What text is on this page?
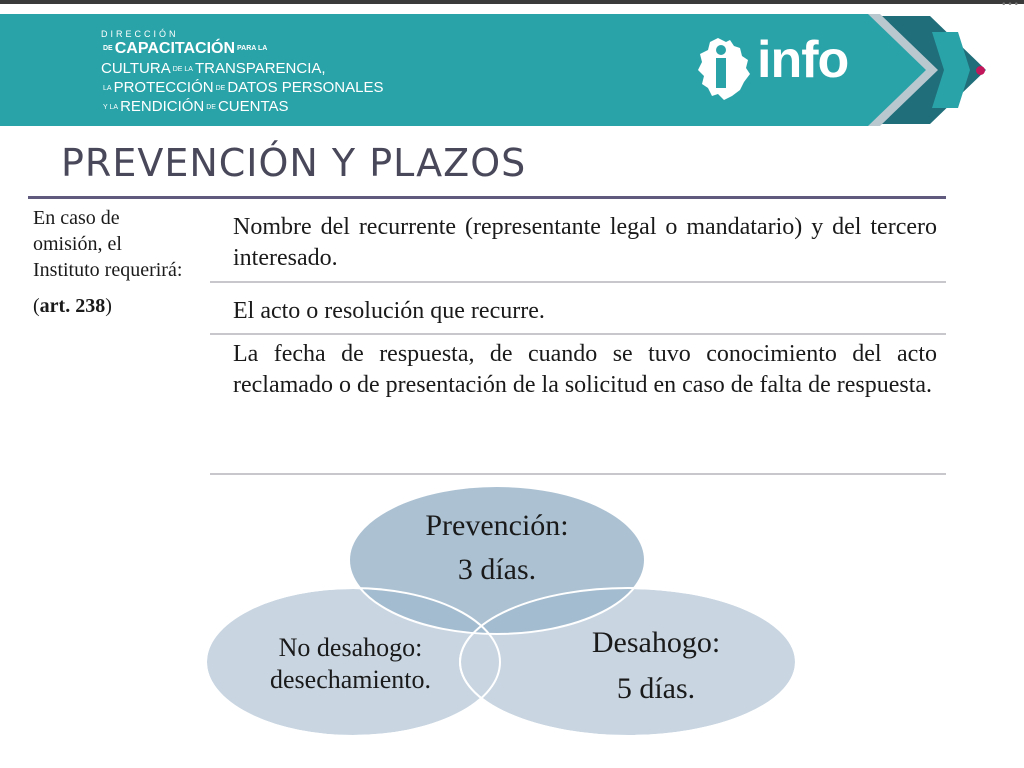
•••
DIRECCIÓN
DE CAPACITACIÓN PARA LA
CULTURA DE LA TRANSPARENCIA,
LA PROTECCIÓN DE DATOS PERSONALES
Y LA RENDICIÓN DE CUENTAS
info
PREVENCIÓN Y PLAZOS

En caso de omisión, el Instituto requerirá:

(art. 238)

Nombre del recurrente (representante legal o mandatario) y del tercero interesado.
El acto o resolución que recurre.
La fecha de respuesta, de cuando se tuvo conocimiento del acto reclamado o de presentación de la solicitud en caso de falta de respuesta.
Prevención:
3 días.
No desahogo:
desechamiento.
Desahogo:
5 días.
